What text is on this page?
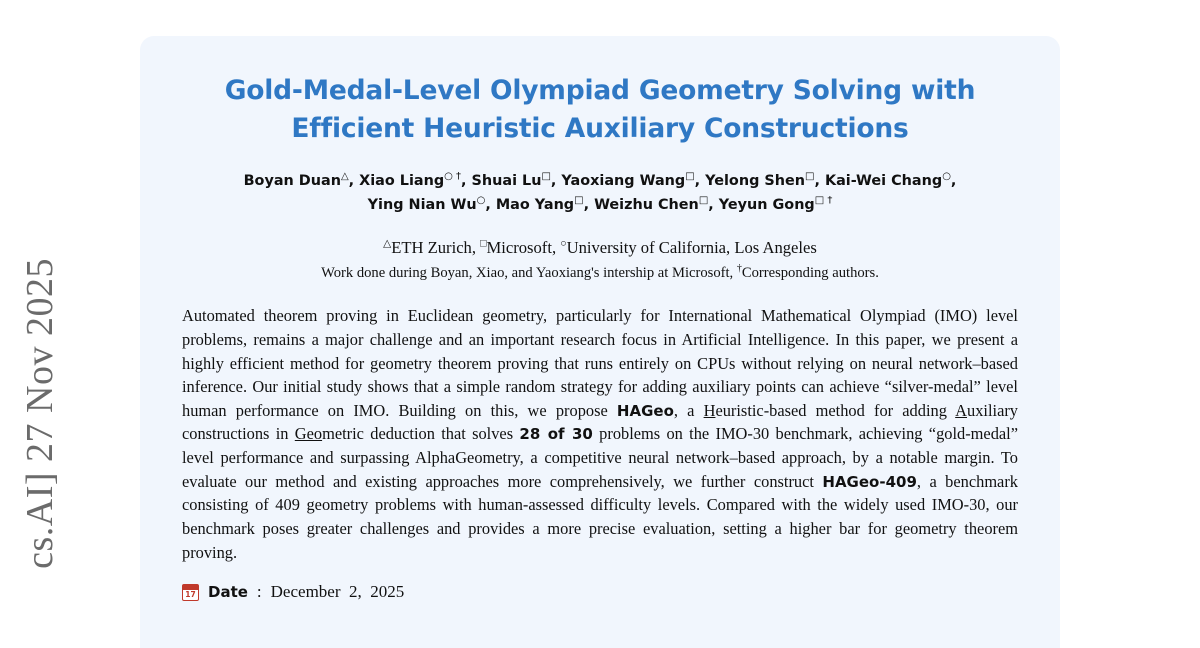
cs.AI] 27 Nov 2025
Gold-Medal-Level Olympiad Geometry Solving with Efficient Heuristic Auxiliary Constructions
Boyan Duan△, Xiao Liang○ †, Shuai Lu□, Yaoxiang Wang□, Yelong Shen□, Kai-Wei Chang○,
Ying Nian Wu○, Mao Yang□, Weizhu Chen□, Yeyun Gong□ †
△ETH Zurich, □Microsoft, ○University of California, Los Angeles
Work done during Boyan, Xiao, and Yaoxiang's intership at Microsoft, †Corresponding authors.
Automated theorem proving in Euclidean geometry, particularly for International Mathematical Olympiad (IMO) level problems, remains a major challenge and an important research focus in Artificial Intelligence. In this paper, we present a highly efficient method for geometry theorem proving that runs entirely on CPUs without relying on neural network–based inference. Our initial study shows that a simple random strategy for adding auxiliary points can achieve “silver-medal” level human performance on IMO. Building on this, we propose HAGeo, a Heuristic-based method for adding Auxiliary constructions in Geometric deduction that solves 28 of 30 problems on the IMO-30 benchmark, achieving “gold-medal” level performance and surpassing AlphaGeometry, a competitive neural network–based approach, by a notable margin. To evaluate our method and existing approaches more comprehensively, we further construct HAGeo-409, a benchmark consisting of 409 geometry problems with human-assessed difficulty levels. Compared with the widely used IMO-30, our benchmark poses greater challenges and provides a more precise evaluation, setting a higher bar for geometry theorem proving.
17 Date : December  2,  2025
